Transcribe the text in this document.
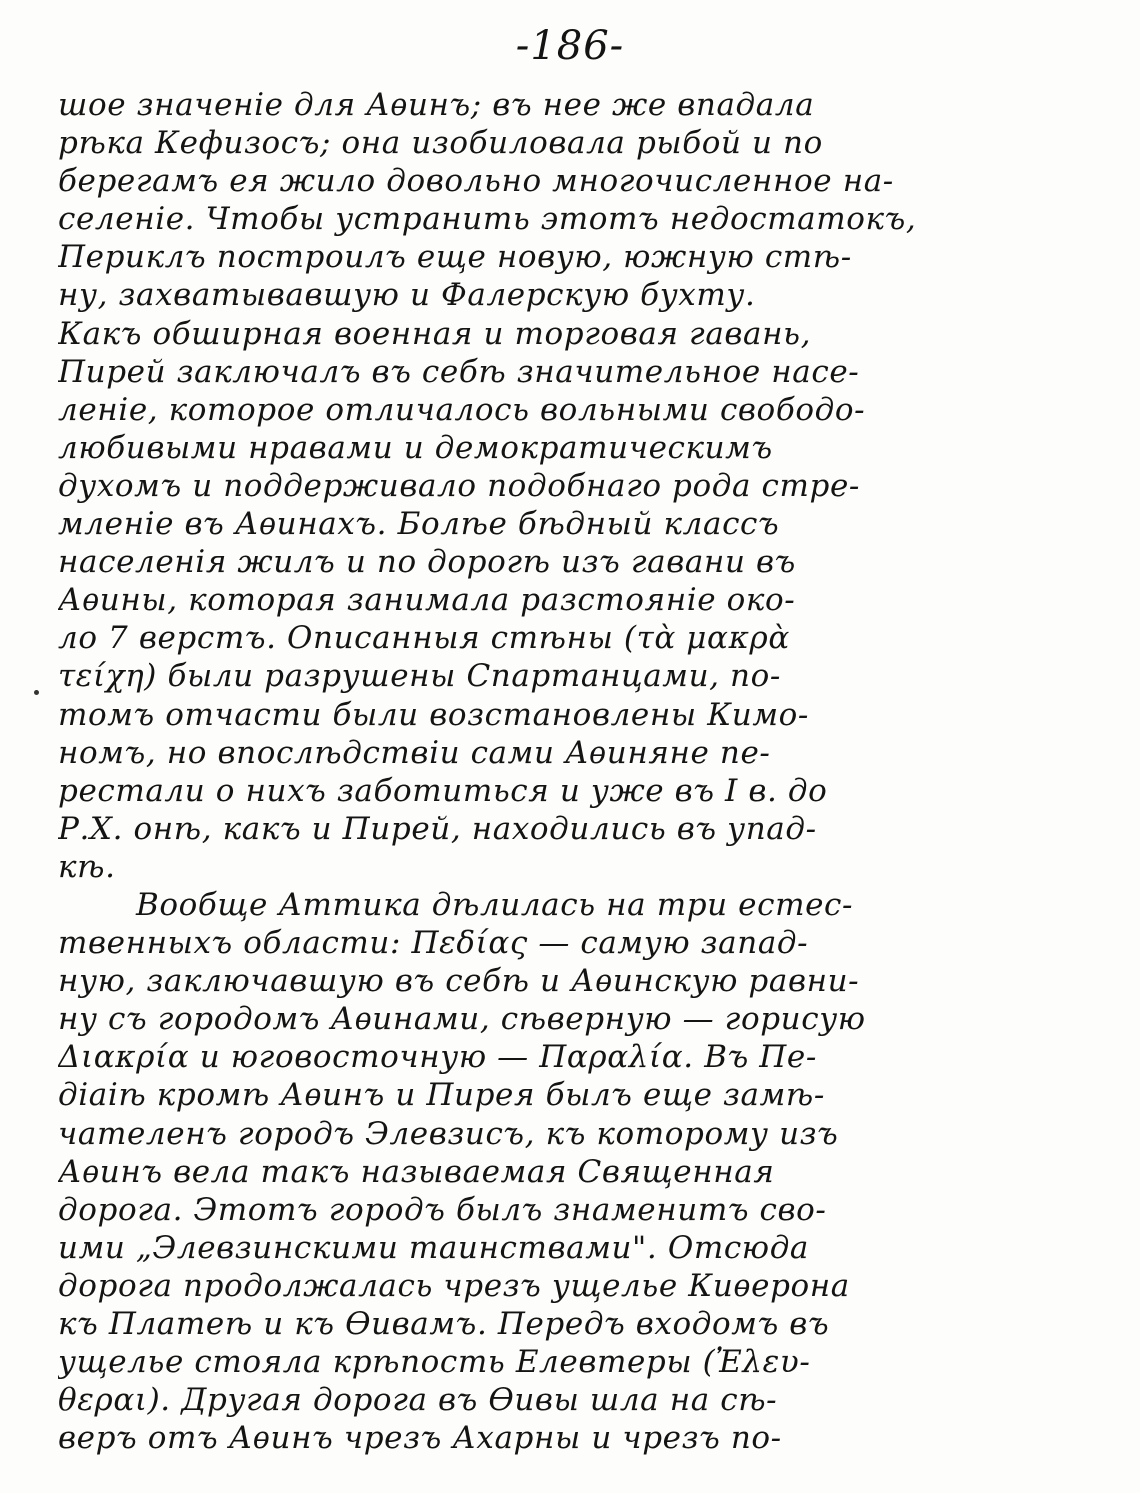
-186-
шое значеніе для Аѳинъ; въ нее же впадала
рѣка Кефизосъ; она изобиловала рыбой и по
берегамъ ея жило довольно многочисленное на-
селеніе. Чтобы устранить этотъ недостатокъ,
Периклъ построилъ еще новую, южную стѣ-
ну, захватывавшую и Фалерскую бухту.
Какъ обширная военная и торговая гавань,
Пирей заключалъ въ себѣ значительное насе-
леніе, которое отличалось вольными свободо-
любивыми нравами и демократическимъ
духомъ и поддерживало подобнаго рода стре-
мленіе въ Аѳинахъ. Болѣе бѣдный классъ
населенія жилъ и по дорогѣ изъ гавани въ
Аѳины, которая занимала разстояніе око-
ло 7 верстъ. Описанныя стѣны (τὰ μακρὰ
τείχη) были разрушены Спартанцами, по-
томъ отчасти были возстановлены Кимо-
номъ, но впослѣдствіи сами Аѳиняне пе-
рестали о нихъ заботиться и уже въ I в. до
Р.Х. онѣ, какъ и Пирей, находились въ упад-
кѣ.
Вообще Аттика дѣлилась на три естес-
твенныхъ области: Πεδίας — самую запад-
ную, заключавшую въ себѣ и Аѳинскую равни-
ну съ городомъ Аѳинами, сѣверную — горисую
Διακρία и юговосточную — Παραλία. Въ Пе-
діаіѣ кромѣ Аѳинъ и Пирея былъ еще замѣ-
чателенъ городъ Элевзисъ, къ которому изъ
Аѳинъ вела такъ называемая Священная
дорога. Этотъ городъ былъ знаменитъ сво-
ими „Элевзинскими таинствами". Отсюда
дорога продолжалась чрезъ ущелье Киѳерона
къ Платеѣ и къ Ѳивамъ. Передъ входомъ въ
ущелье стояла крѣпость Елевтеры (Ἐλευ-
θεραι). Другая дорога въ Ѳивы шла на сѣ-
веръ отъ Аѳинъ чрезъ Ахарны и чрезъ по-
